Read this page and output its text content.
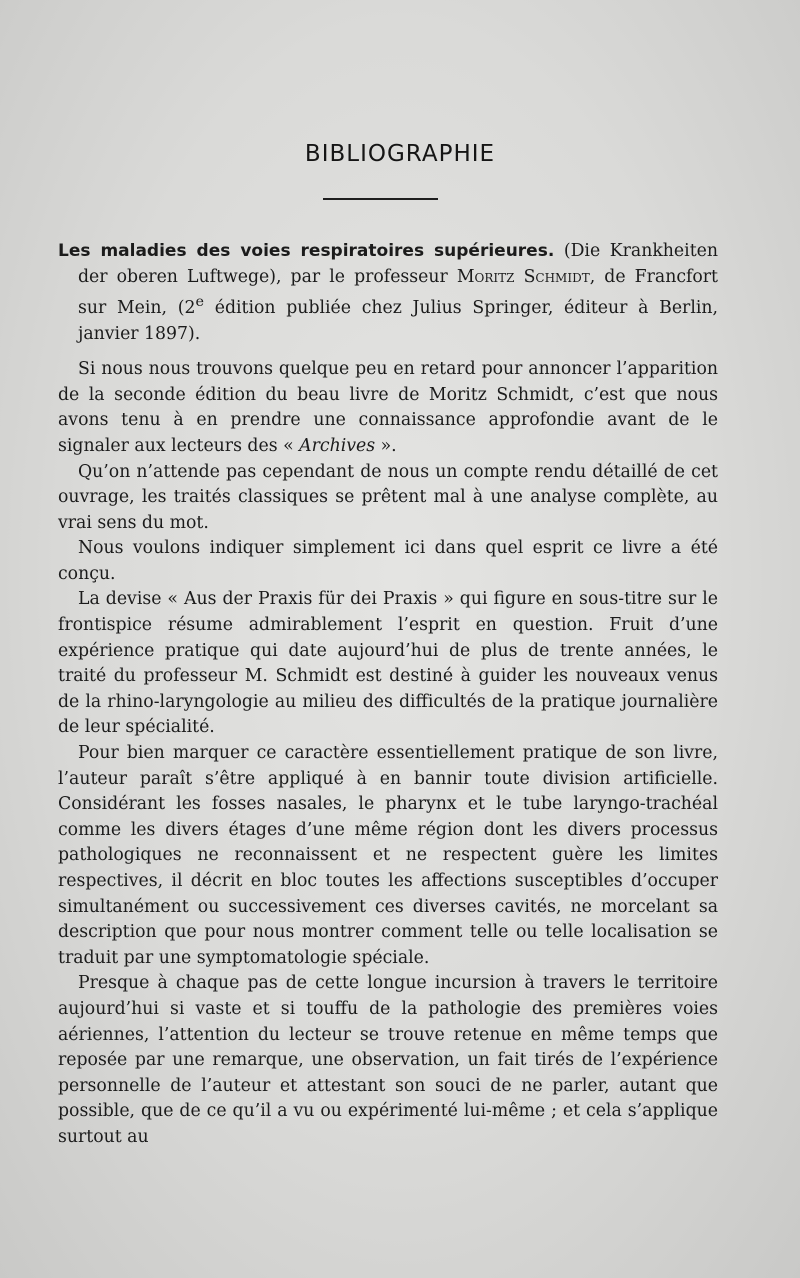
BIBLIOGRAPHIE

Les maladies des voies respiratoires supérieures. (Die Krankheiten der oberen Luftwege), par le professeur Moritz Schmidt, de Francfort sur Mein, (2e édition publiée chez Julius Springer, éditeur à Berlin, janvier 1897).

Si nous nous trouvons quelque peu en retard pour annoncer l’apparition de la seconde édition du beau livre de Moritz Schmidt, c’est que nous avons tenu à en prendre une connaissance approfondie avant de le signaler aux lecteurs des « Archives ».

Qu’on n’attende pas cependant de nous un compte rendu détaillé de cet ouvrage, les traités classiques se prêtent mal à une analyse complète, au vrai sens du mot.

Nous voulons indiquer simplement ici dans quel esprit ce livre a été conçu.

La devise « Aus der Praxis für dei Praxis » qui figure en sous-titre sur le frontispice résume admirablement l’esprit en question. Fruit d’une expérience pratique qui date aujourd’hui de plus de trente années, le traité du professeur M. Schmidt est destiné à guider les nouveaux venus de la rhino-laryngologie au milieu des difficultés de la pratique journalière de leur spécialité.

Pour bien marquer ce caractère essentiellement pratique de son livre, l’auteur paraît s’être appliqué à en bannir toute division artificielle. Considérant les fosses nasales, le pharynx et le tube laryngo-trachéal comme les divers étages d’une même région dont les divers processus pathologiques ne reconnaissent et ne respectent guère les limites respectives, il décrit en bloc toutes les affections susceptibles d’occuper simultanément ou successivement ces diverses cavités, ne morcelant sa description que pour nous montrer comment telle ou telle localisation se traduit par une symptomatologie spéciale.

Presque à chaque pas de cette longue incursion à travers le territoire aujourd’hui si vaste et si touffu de la pathologie des premières voies aériennes, l’attention du lecteur se trouve retenue en même temps que reposée par une remarque, une observation, un fait tirés de l’expérience personnelle de l’auteur et attestant son souci de ne parler, autant que possible, que de ce qu’il a vu ou expérimenté lui-même ; et cela s’applique surtout au
